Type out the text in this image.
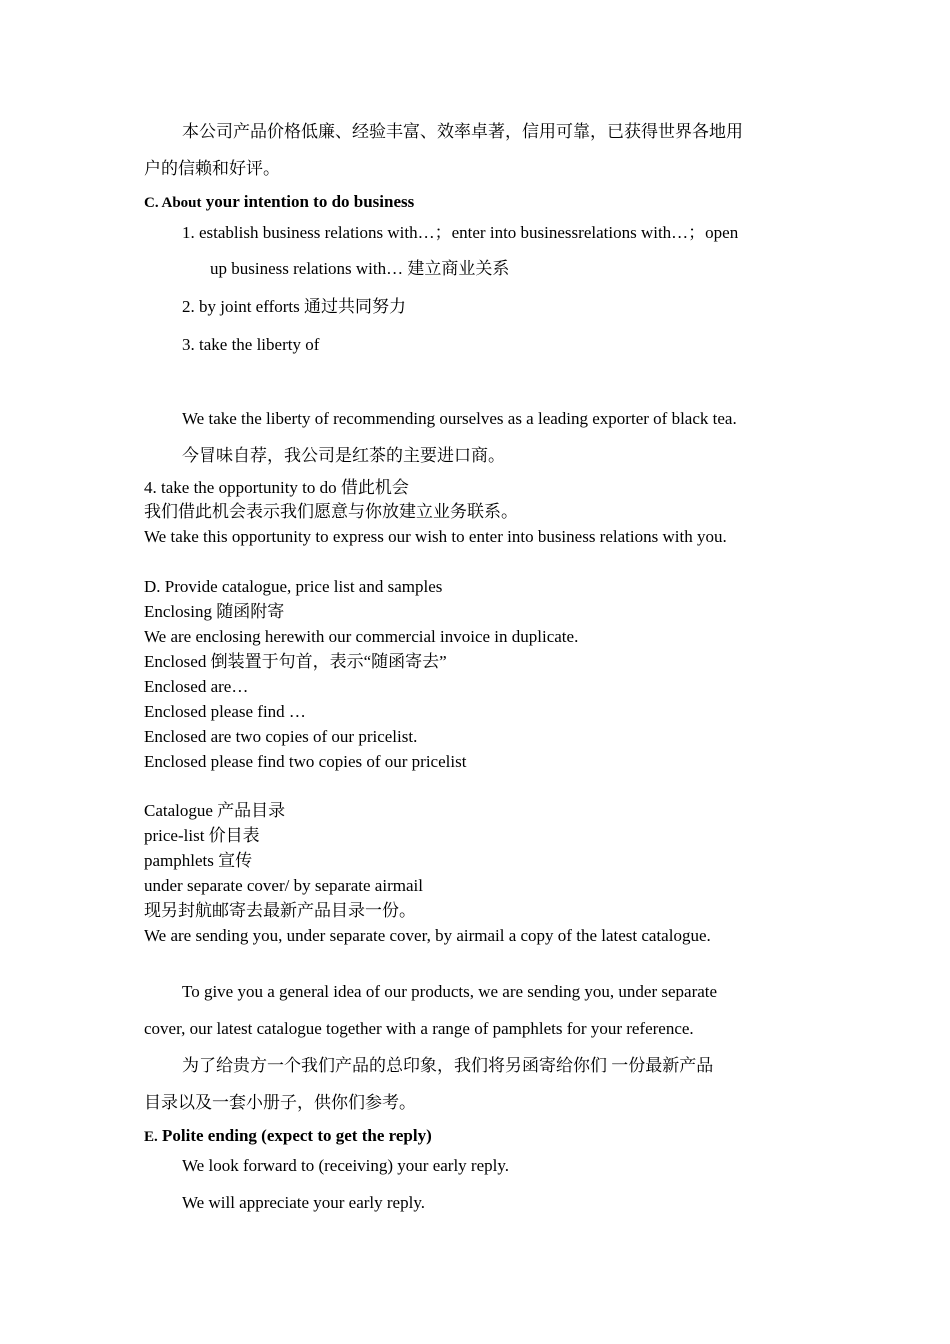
本公司产品价格低廉、经验丰富、效率卓著，信用可靠，已获得世界各地用
户的信赖和好评。
C. About your intention to do business
1. establish business relations with…；enter into businessrelations with…；open
up business relations with… 建立商业关系
2. by joint efforts 通过共同努力
3. take the liberty of
We take the liberty of recommending ourselves as a leading exporter of black tea.
今冒味自荐，我公司是红茶的主要进口商。
4. take the opportunity to do 借此机会
我们借此机会表示我们愿意与你放建立业务联系。
We take this opportunity to express our wish to enter into business relations with you.
D. Provide catalogue, price list and samples
Enclosing 随函附寄
We are enclosing herewith our commercial invoice in duplicate.
Enclosed 倒装置于句首，表示“随函寄去”
Enclosed are…
Enclosed please find …
Enclosed are two copies of our pricelist.
Enclosed please find two copies of our pricelist
Catalogue 产品目录
price-list 价目表
pamphlets 宣传
under separate cover/ by separate airmail
现另封航邮寄去最新产品目录一份。
We are sending you, under separate cover, by airmail a copy of the latest catalogue.
To give you a general idea of our products, we are sending you, under separate
cover, our latest catalogue together with a range of pamphlets for your reference.
为了给贵方一个我们产品的总印象，我们将另函寄给你们 一份最新产品
目录以及一套小册子，供你们参考。
E. Polite ending (expect to get the reply)
We look forward to (receiving) your early reply.
We will appreciate your early reply.
